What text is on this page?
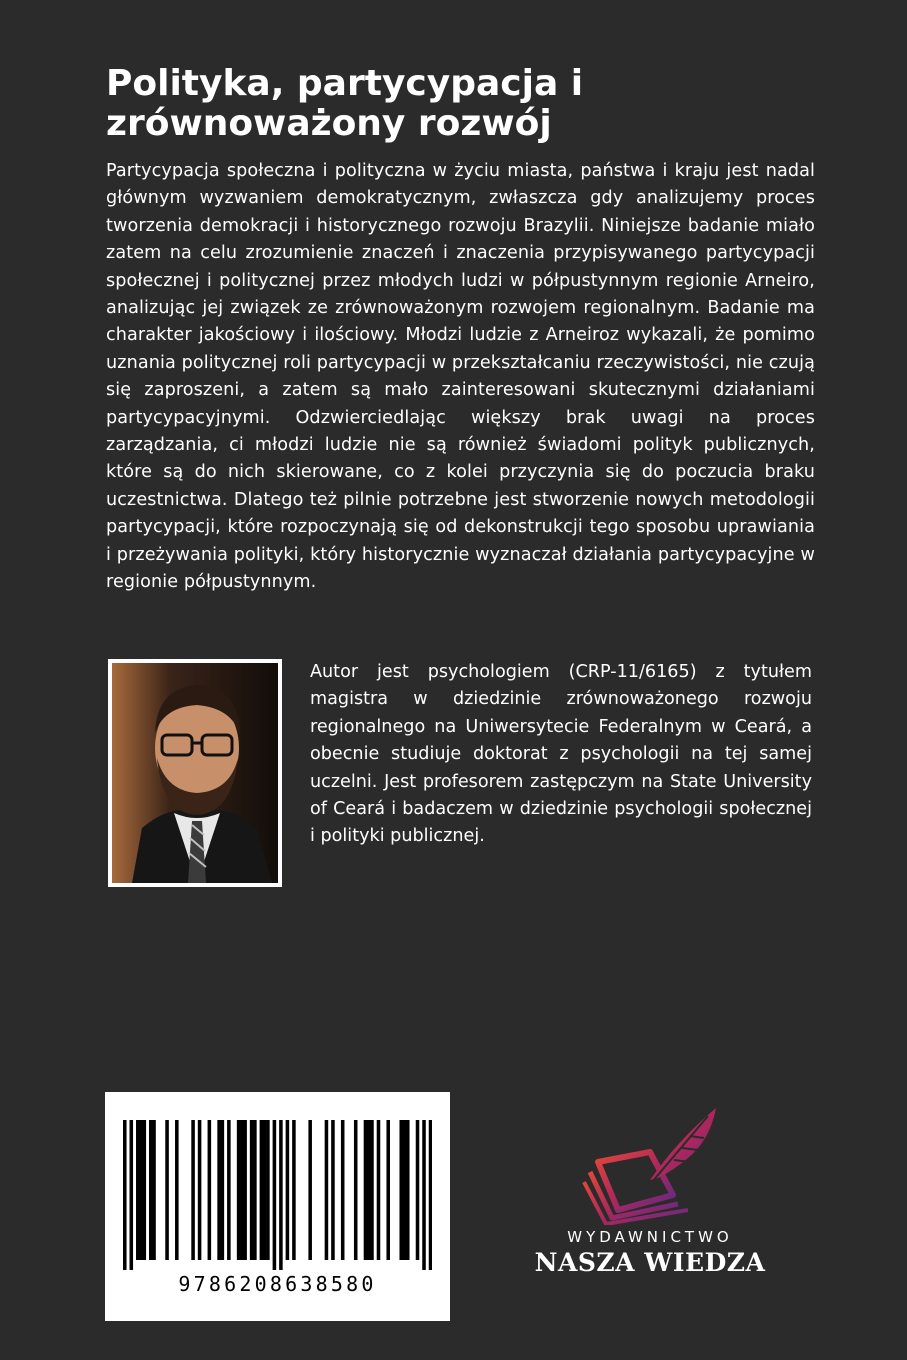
Polityka, partycypacja i
zrównoważony rozwój

Partycypacja społeczna i polityczna w życiu miasta, państwa i kraju jest nadal głównym wyzwaniem demokratycznym, zwłaszcza gdy analizujemy proces tworzenia demokracji i historycznego rozwoju Brazylii. Niniejsze badanie miało zatem na celu zrozumienie znaczeń i znaczenia przypisywanego partycypacji społecznej i politycznej przez młodych ludzi w półpustynnym regionie Arneiro, analizując jej związek ze zrównoważonym rozwojem regionalnym. Badanie ma charakter jakościowy i ilościowy. Młodzi ludzie z Arneiroz wykazali, że pomimo uznania politycznej roli partycypacji w przekształcaniu rzeczywistości, nie czują się zaproszeni, a zatem są mało zainteresowani skutecznymi działaniami partycypacyjnymi. Odzwierciedlając większy brak uwagi na proces zarządzania, ci młodzi ludzie nie są również świadomi polityk publicznych, które są do nich skierowane, co z kolei przyczynia się do poczucia braku uczestnictwa. Dlatego też pilnie potrzebne jest stworzenie nowych metodologii partycypacji, które rozpoczynają się od dekonstrukcji tego sposobu uprawiania i przeżywania polityki, który historycznie wyznaczał działania partycypacyjne w regionie półpustynnym.

Autor jest psychologiem (CRP-11/6165) z tytułem magistra w dziedzinie zrównoważonego rozwoju regionalnego na Uniwersytecie Federalnym w Ceará, a obecnie studiuje doktorat z psychologii na tej samej uczelni. Jest profesorem zastępczym na State University of Ceará i badaczem w dziedzinie psychologii społecznej i polityki publicznej.

9786208638580
WYDAWNICTWO
NASZA WIEDZA
